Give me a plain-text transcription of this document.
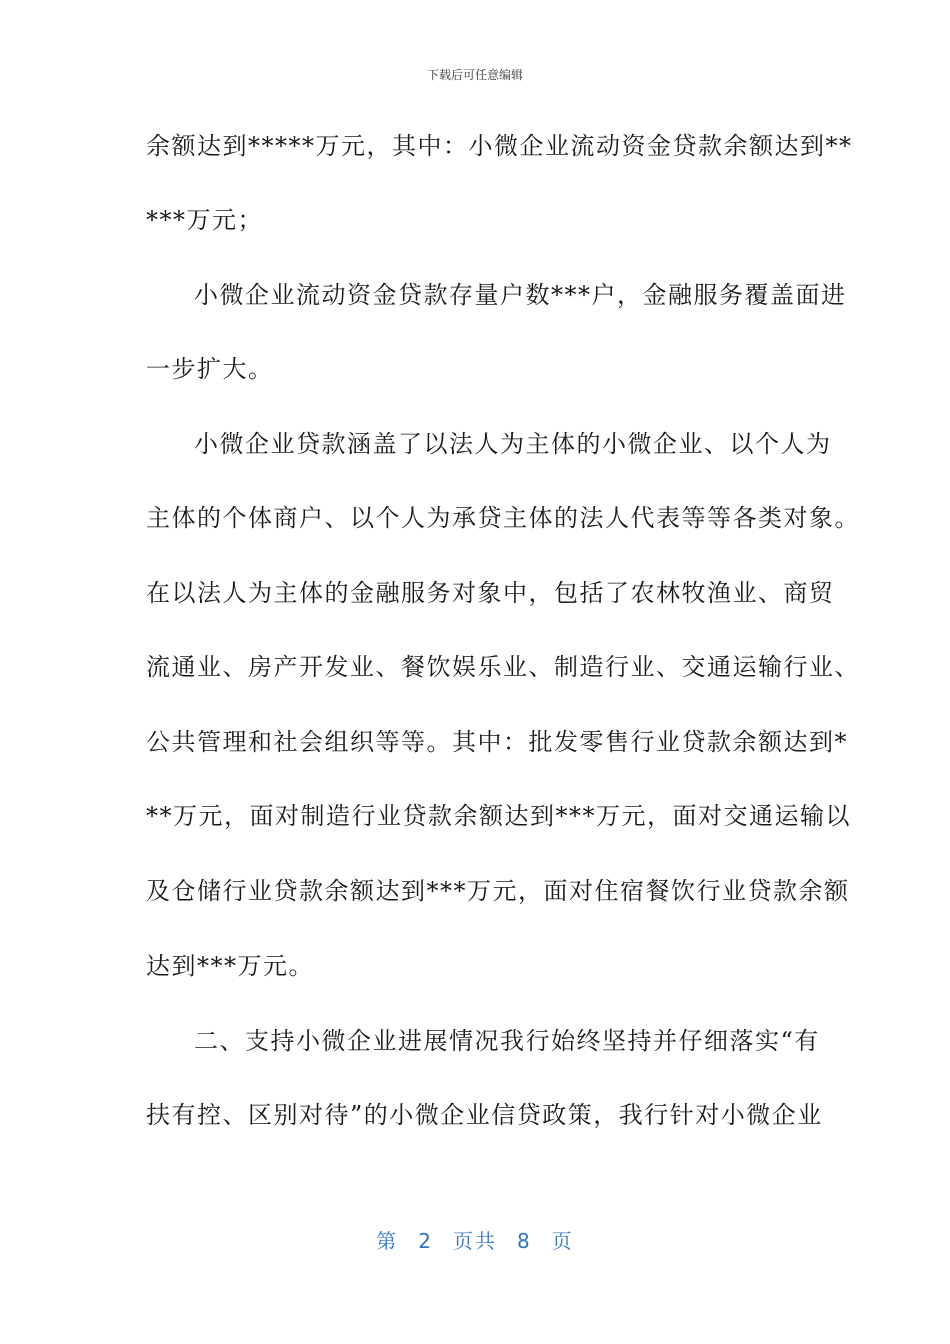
下载后可任意编辑
余额达到*****万元，其中：小微企业流动资金贷款余额达到**
***万元；
小微企业流动资金贷款存量户数***户，金融服务覆盖面进
一步扩大。
小微企业贷款涵盖了以法人为主体的小微企业、以个人为
主体的个体商户、以个人为承贷主体的法人代表等等各类对象。
在以法人为主体的金融服务对象中，包括了农林牧渔业、商贸
流通业、房产开发业、餐饮娱乐业、制造行业、交通运输行业、
公共管理和社会组织等等。其中：批发零售行业贷款余额达到*
**万元，面对制造行业贷款余额达到***万元，面对交通运输以
及仓储行业贷款余额达到***万元，面对住宿餐饮行业贷款余额
达到***万元。
二、支持小微企业进展情况我行始终坚持并仔细落实“有
扶有控、区别对待”的小微企业信贷政策，我行针对小微企业
第 2 页共 8 页
